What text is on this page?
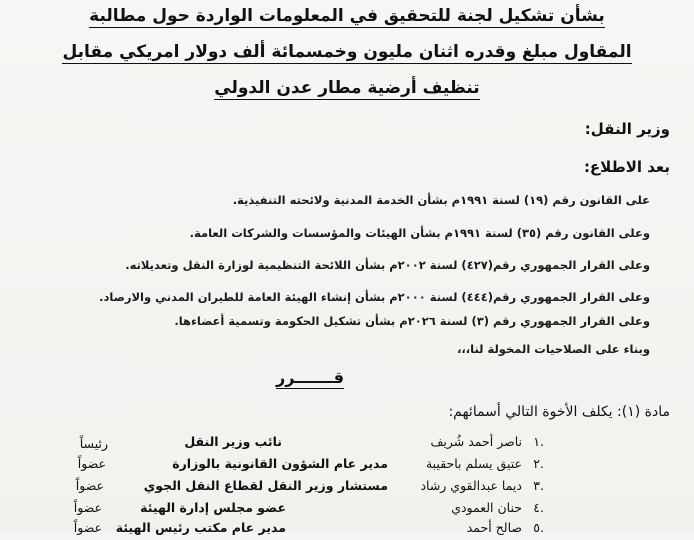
بشأن تشكيل لجنة للتحقيق في المعلومات الواردة حول مطالبة
المقاول مبلغ وقدره اثنان مليون وخمسمائة ألف دولار امريكي مقابل
تنظيف أرضية مطار عدن الدولي
وزير النقل:
بعد الاطلاع:
على القانون رقم (١٩) لسنة ١٩٩١م بشأن الخدمة المدنية ولائحته التنفيذية.
وعلى القانون رقم (٣٥) لسنة ١٩٩١م بشأن الهيئات والمؤسسات والشركات العامة.
وعلى القرار الجمهوري رقم(٤٢٧) لسنة ٢٠٠٢م بشأن اللائحة التنظيمية لوزارة النقل وتعديلاته.
وعلى القرار الجمهوري رقم(٤٤٤) لسنة ٢٠٠٠م بشأن إنشاء الهيئة العامة للطيران المدني والارصاد.
وعلى القرار الجمهوري رقم (٣) لسنة ٢٠٢٦م بشأن تشكيل الحكومة وتسمية أعضاءها.
وبناء على الصلاحيات المخولة لنا،،،
قـــــــرر
مادة (١): يكلف الأخوة التالي أسمائهم:
رئيساً	.١
ناصر أحمد شُريف
نائب وزير النقل
.٢
عتيق يسلم باحقيبة
مدير عام الشؤون القانونية بالوزارة
عضواً
.٣
ديما عبدالقوي رشاد
مستشار وزير النقل لقطاع النقل الجوي
عضواً
.٤
حنان العمودي
عضو مجلس إدارة الهيئة
عضواً
.٥
صالح أحمد
مدير عام مكتب رئيس الهيئة
عضواً
